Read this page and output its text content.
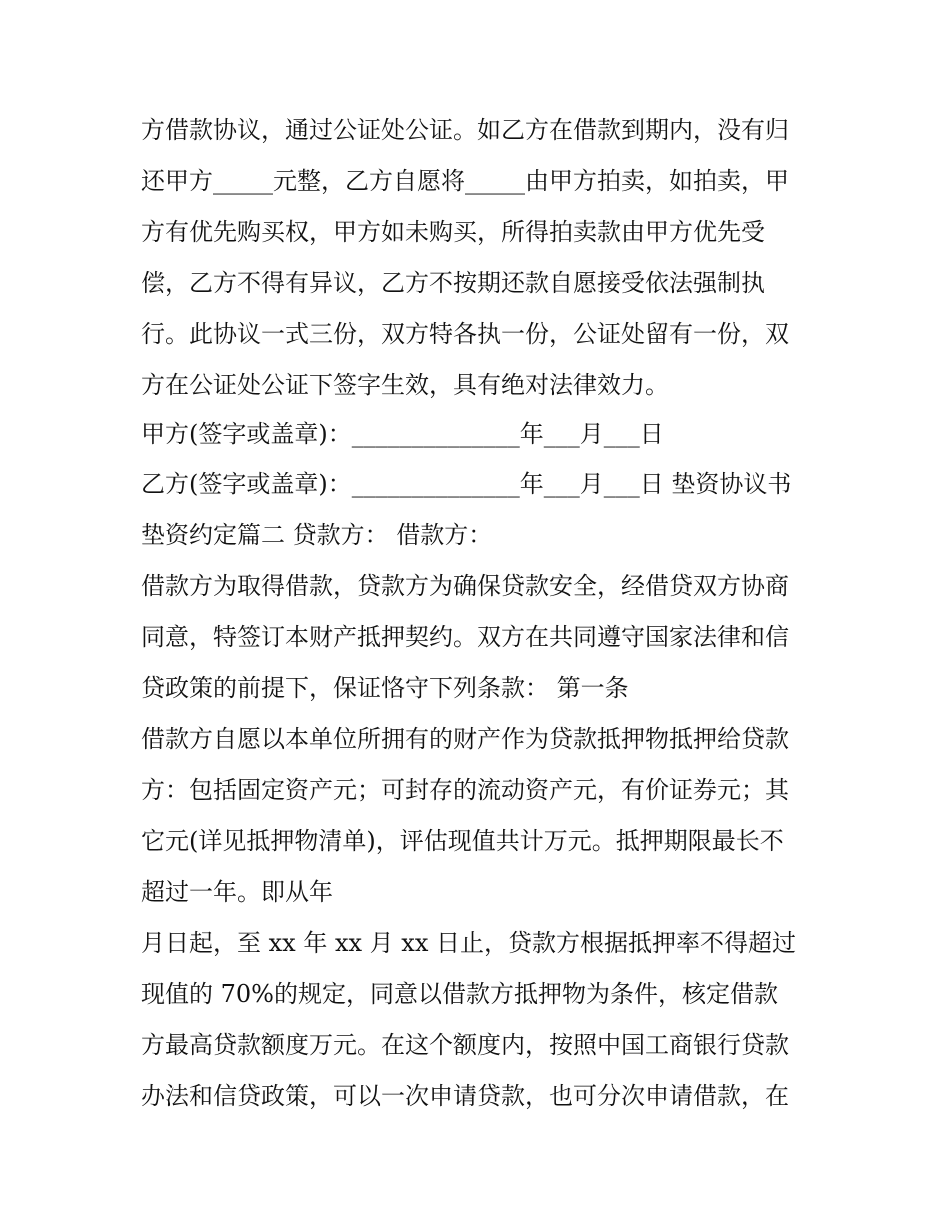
方借款协议，通过公证处公证。如乙方在借款到期内，没有归
还甲方_____元整，乙方自愿将_____由甲方拍卖，如拍卖，甲
方有优先购买权，甲方如未购买，所得拍卖款由甲方优先受
偿，乙方不得有异议，乙方不按期还款自愿接受依法强制执
行。此协议一式三份，双方特各执一份，公证处留有一份，双
方在公证处公证下签字生效，具有绝对法律效力。
甲方(签字或盖章)：______________年___月___日
乙方(签字或盖章)：______________年___月___日 垫资协议书
垫资约定篇二 贷款方： 借款方：
借款方为取得借款，贷款方为确保贷款安全，经借贷双方协商
同意，特签订本财产抵押契约。双方在共同遵守国家法律和信
贷政策的前提下，保证恪守下列条款： 第一条
借款方自愿以本单位所拥有的财产作为贷款抵押物抵押给贷款
方：包括固定资产元；可封存的流动资产元，有价证券元；其
它元(详见抵押物清单)，评估现值共计万元。抵押期限最长不
超过一年。即从年
月日起，至 xx 年 xx 月 xx 日止，贷款方根据抵押率不得超过
现值的 70%的规定，同意以借款方抵押物为条件，核定借款
方最高贷款额度万元。在这个额度内，按照中国工商银行贷款
办法和信贷政策，可以一次申请贷款，也可分次申请借款，在
